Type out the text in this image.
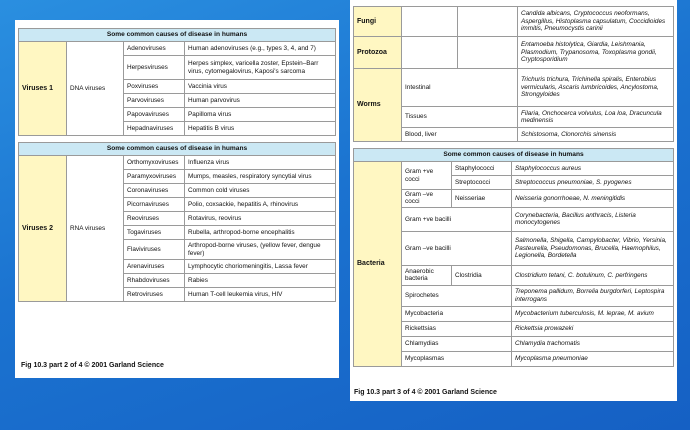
Some common causes of disease in humans			
Viruses 1	DNA viruses	Adenoviruses	Human adenoviruses (e.g., types 3, 4, and 7)
		Herpesviruses	Herpes simplex, varicella zoster, Epstein–Barr virus, cytomegalovirus, Kaposi's sarcoma
		Poxviruses	Vaccinia virus
		Parvoviruses	Human parvovirus
		Papovaviruses	Papilloma virus
		Hepadnaviruses	Hepatitis B virus
Some common causes of disease in humans			
Viruses 2	RNA viruses	Orthomyxoviruses	Influenza virus
		Paramyxoviruses	Mumps, measles, respiratory syncytial virus
		Coronaviruses	Common cold viruses
		Picornaviruses	Polio, coxsackie, hepatitis A, rhinovirus
		Reoviruses	Rotavirus, reovirus
		Togaviruses	Rubella, arthropod-borne encephalitis
		Flaviviruses	Arthropod-borne viruses, (yellow fever, dengue fever)
		Arenaviruses	Lymphocytic choriomeningitis, Lassa fever
		Rhabdoviruses	Rabies
		Retroviruses	Human T-cell leukemia virus, HIV
Fig 10.3 part 2 of 4 © 2001 Garland Science
Fungi			Candida albicans, Cryptococcus neoformans, Aspergillus, Histoplasma capsulatum, Coccidioides immitis, Pneumocystis carinii
Protozoa			Entamoeba histolytica, Giardia, Leishmania, Plasmodium, Trypanosoma, Toxoplasma gondii, Cryptosporidium
Worms	Intestinal		Trichuris trichura, Trichinella spiralis, Enterobius vermicularis, Ascaris lumbricoides, Ancylostoma, Strongyloides
	Tissues		Filaria, Onchocerca volvulus, Loa loa, Dracuncula medinensis
	Blood, liver		Schistosoma, Clonorchis sinensis
Some common causes of disease in humans			
Bacteria	Gram +ve cocci	Staphylococci	Staphylococcus aureus
		Streptococci	Streptococcus pneumoniae, S. pyogenes
	Gram –ve cocci	Neisseriae	Neisseria gonorrhoeae, N. meningitidis
	Gram +ve bacilli		Corynebacteria, Bacillus anthracis, Listeria monocytogenes
	Gram –ve bacilli		Salmonella, Shigella, Campylobacter, Vibrio, Yersinia, Pasteurella, Pseudomonas, Brucella, Haemophilus, Legionella, Bordetella
	Anaerobic bacteria	Clostridia	Clostridium tetani, C. botulinum, C. perfringens
	Spirochetes		Treponema pallidum, Borrelia burgdorferi, Leptospira interrogans
	Mycobacteria		Mycobacterium tuberculosis, M. leprae, M. avium
	Rickettsias		Rickettsia prowazeki
	Chlamydias		Chlamydia trachomatis
	Mycoplasmas		Mycoplasma pneumoniae
Fig 10.3 part 3 of 4 © 2001 Garland Science
